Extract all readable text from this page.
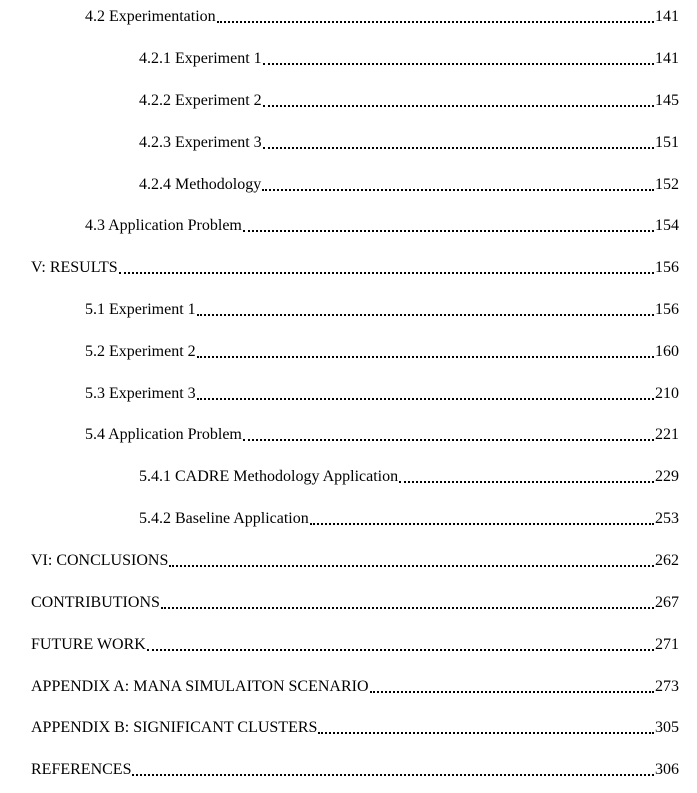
4.2 Experimentation	141
4.2.1 Experiment 1	141
4.2.2 Experiment 2	145
4.2.3 Experiment 3	151
4.2.4 Methodology	152
4.3 Application Problem	154
V: RESULTS	156
5.1 Experiment 1	156
5.2 Experiment 2	160
5.3 Experiment 3	210
5.4 Application Problem	221
5.4.1 CADRE Methodology Application	229
5.4.2 Baseline Application	253
VI: CONCLUSIONS	262
CONTRIBUTIONS	267
FUTURE WORK	271
APPENDIX A: MANA SIMULAITON SCENARIO	273
APPENDIX B: SIGNIFICANT CLUSTERS	305
REFERENCES	306
